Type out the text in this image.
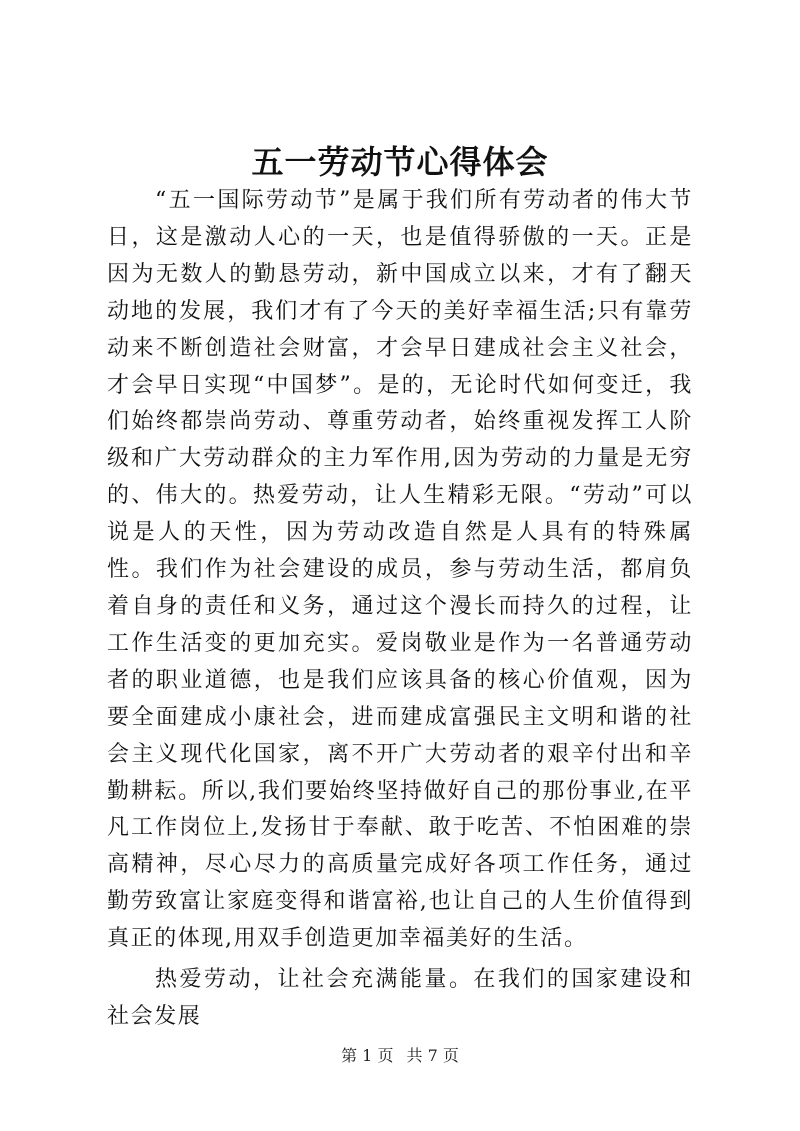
五一劳动节心得体会

“五一国际劳动节”是属于我们所有劳动者的伟大节日，这是激动人心的一天，也是值得骄傲的一天。正是因为无数人的勤恳劳动，新中国成立以来，才有了翻天动地的发展，我们才有了今天的美好幸福生活;只有靠劳动来不断创造社会财富，才会早日建成社会主义社会，才会早日实现“中国梦”。是的，无论时代如何变迁，我们始终都崇尚劳动、尊重劳动者，始终重视发挥工人阶级和广大劳动群众的主力军作用,因为劳动的力量是无穷的、伟大的。热爱劳动，让人生精彩无限。“劳动”可以说是人的天性，因为劳动改造自然是人具有的特殊属性。我们作为社会建设的成员，参与劳动生活，都肩负着自身的责任和义务，通过这个漫长而持久的过程，让工作生活变的更加充实。爱岗敬业是作为一名普通劳动者的职业道德，也是我们应该具备的核心价值观，因为要全面建成小康社会，进而建成富强民主文明和谐的社会主义现代化国家，离不开广大劳动者的艰辛付出和辛勤耕耘。所以,我们要始终坚持做好自己的那份事业,在平凡工作岗位上,发扬甘于奉献、敢于吃苦、不怕困难的崇高精神，尽心尽力的高质量完成好各项工作任务，通过勤劳致富让家庭变得和谐富裕,也让自己的人生价值得到真正的体现,用双手创造更加幸福美好的生活。

热爱劳动，让社会充满能量。在我们的国家建设和社会发展

第 1 页 共 7 页
